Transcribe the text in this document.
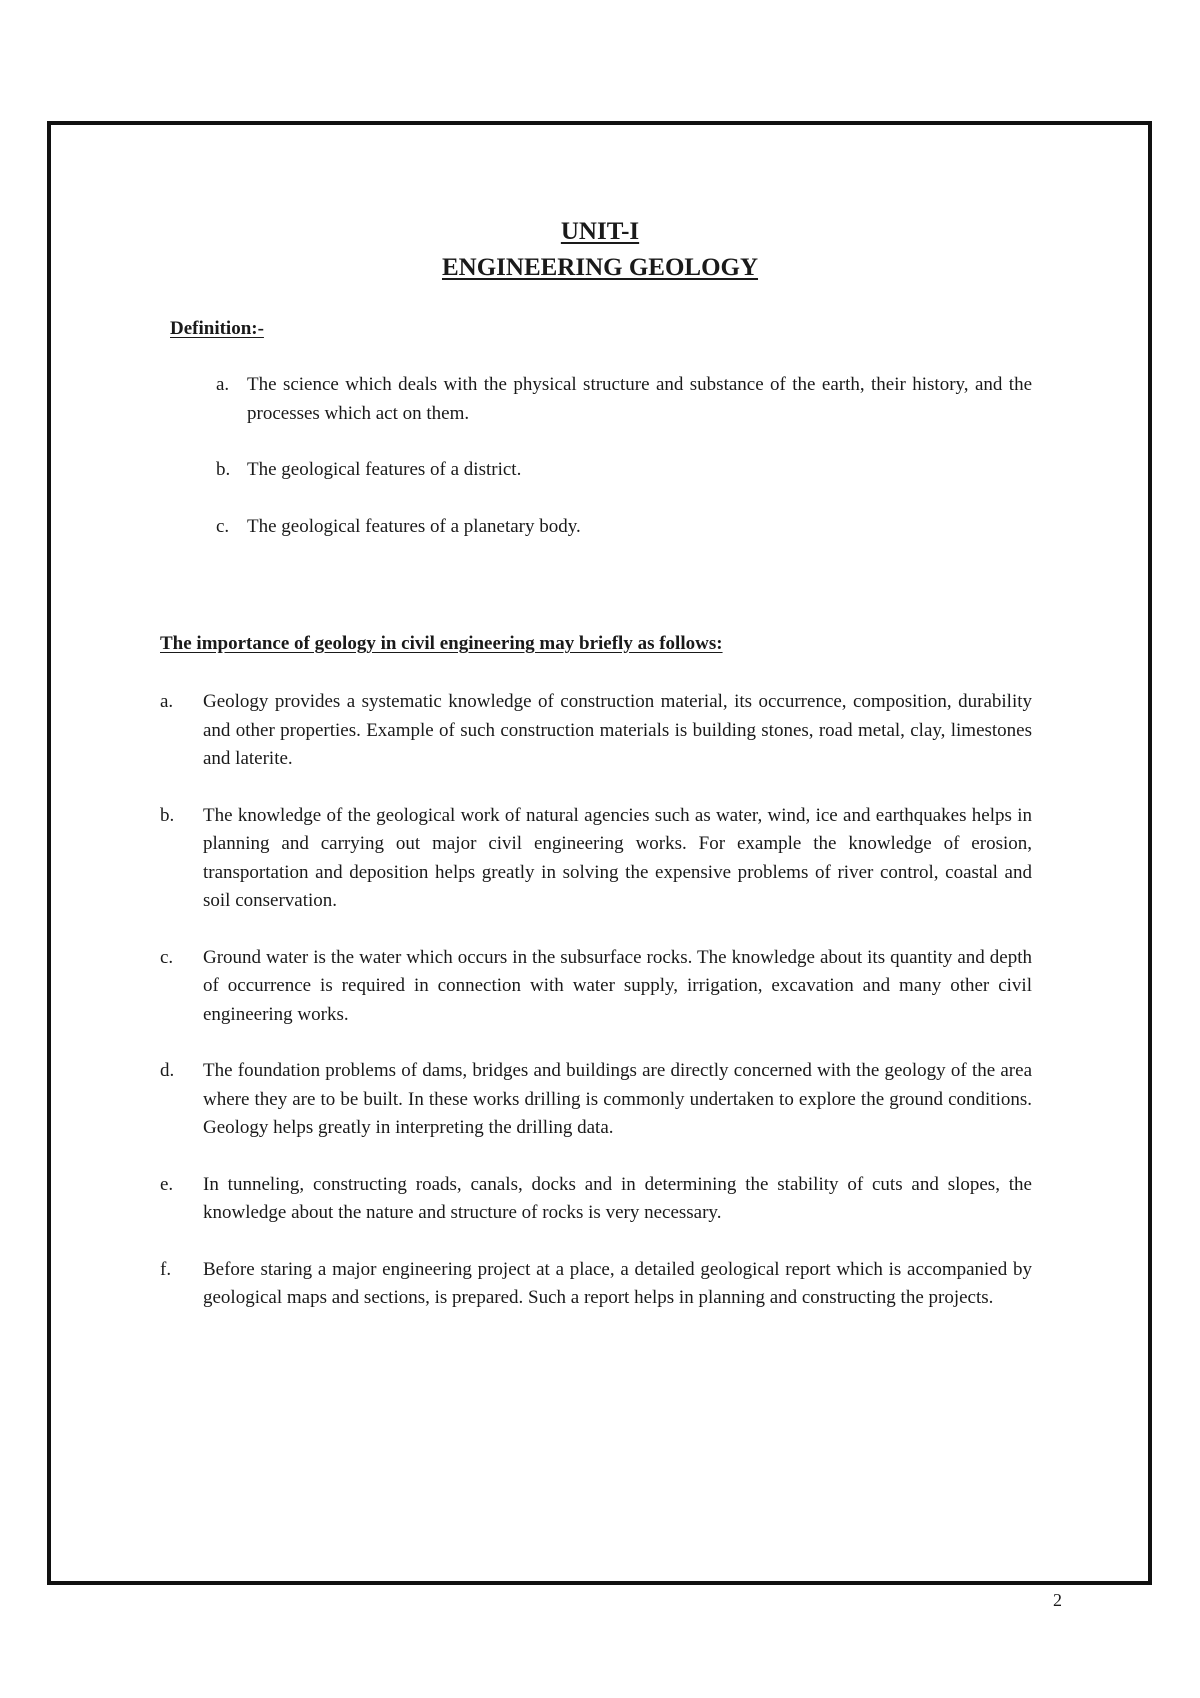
UNIT-I
ENGINEERING GEOLOGY
Definition:-
a. The science which deals with the physical structure and substance of the earth, their history, and the processes which act on them.
b. The geological features of a district.
c. The geological features of a planetary body.
The importance of geology in civil engineering may briefly as follows:
a. Geology provides a systematic knowledge of construction material, its occurrence, composition, durability and other properties. Example of such construction materials is building stones, road metal, clay, limestones and laterite.
b. The knowledge of the geological work of natural agencies such as water, wind, ice and earthquakes helps in planning and carrying out major civil engineering works. For example the knowledge of erosion, transportation and deposition helps greatly in solving the expensive problems of river control, coastal and soil conservation.
c. Ground water is the water which occurs in the subsurface rocks. The knowledge about its quantity and depth of occurrence is required in connection with water supply, irrigation, excavation and many other civil engineering works.
d. The foundation problems of dams, bridges and buildings are directly concerned with the geology of the area where they are to be built. In these works drilling is commonly undertaken to explore the ground conditions. Geology helps greatly in interpreting the drilling data.
e. In tunneling, constructing roads, canals, docks and in determining the stability of cuts and slopes, the knowledge about the nature and structure of rocks is very necessary.
f. Before staring a major engineering project at a place, a detailed geological report which is accompanied by geological maps and sections, is prepared. Such a report helps in planning and constructing the projects.
2
